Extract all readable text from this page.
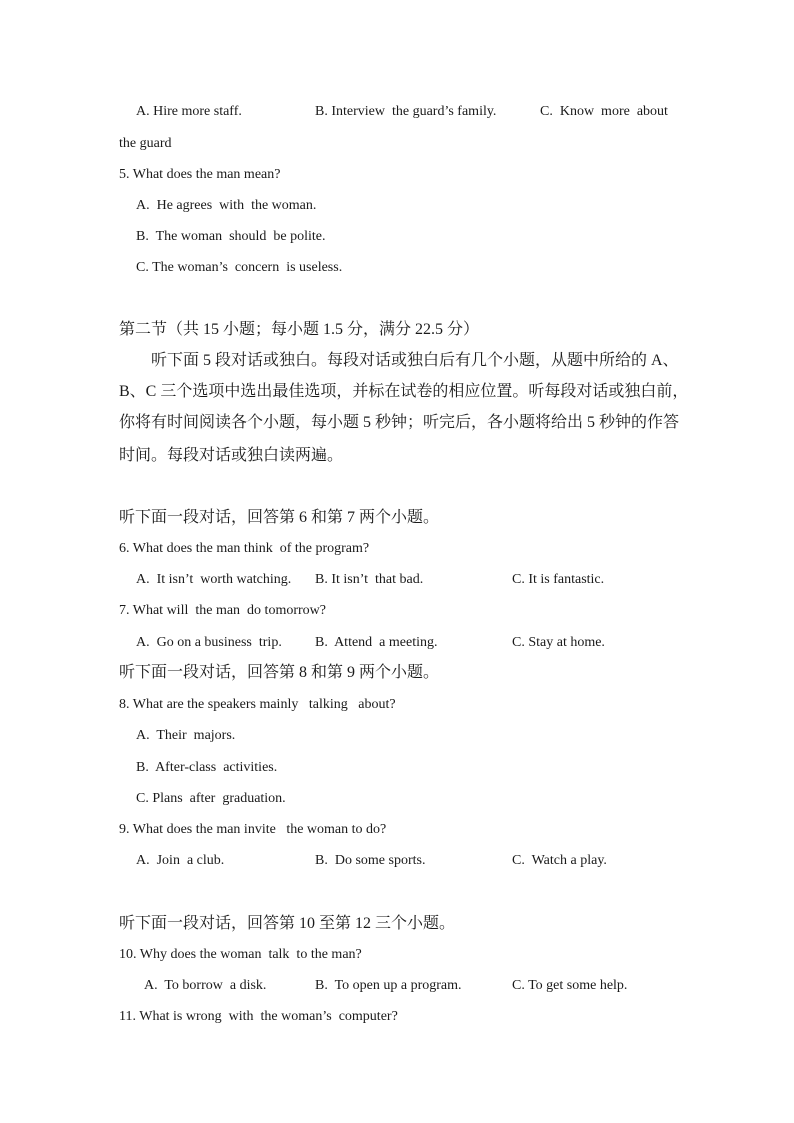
A. Hire more staff.	B. Interview  the guard’s family.	C.  Know  more  about
the guard
5. What does the man mean?
A.  He agrees  with  the woman.
B.  The woman  should  be polite.
C. The woman’s  concern  is useless.
第二节（共 15 小题；每小题 1.5 分，满分 22.5 分）
听下面 5 段对话或独白。每段对话或独白后有几个小题，从题中所给的 A、
B、C 三个选项中选出最佳选项，并标在试卷的相应位置。听每段对话或独白前，
你将有时间阅读各个小题，每小题 5 秒钟；听完后，各小题将给出 5 秒钟的作答
时间。每段对话或独白读两遍。
听下面一段对话，回答第 6 和第 7 两个小题。
6. What does the man think  of the program?
A.  It isn’t  worth watching. B. It isn’t  that bad.	C. It is fantastic.
7. What will  the man  do tomorrow?
A.  Go on a business  trip. B.  Attend  a meeting.	C. Stay at home.
听下面一段对话，回答第 8 和第 9 两个小题。
8. What are the speakers mainly   talking   about?
A.  Their  majors.
B.  After-class  activities.
C. Plans  after  graduation.
9. What does the man invite   the woman to do?
A.  Join  a club.	B.  Do some sports.	C.  Watch a play.
听下面一段对话，回答第 10 至第 12 三个小题。
10. Why does the woman  talk  to the man?
A.  To borrow  a disk.	B.  To open up a program.	C. To get some help.
11. What is wrong  with  the woman’s  computer?
